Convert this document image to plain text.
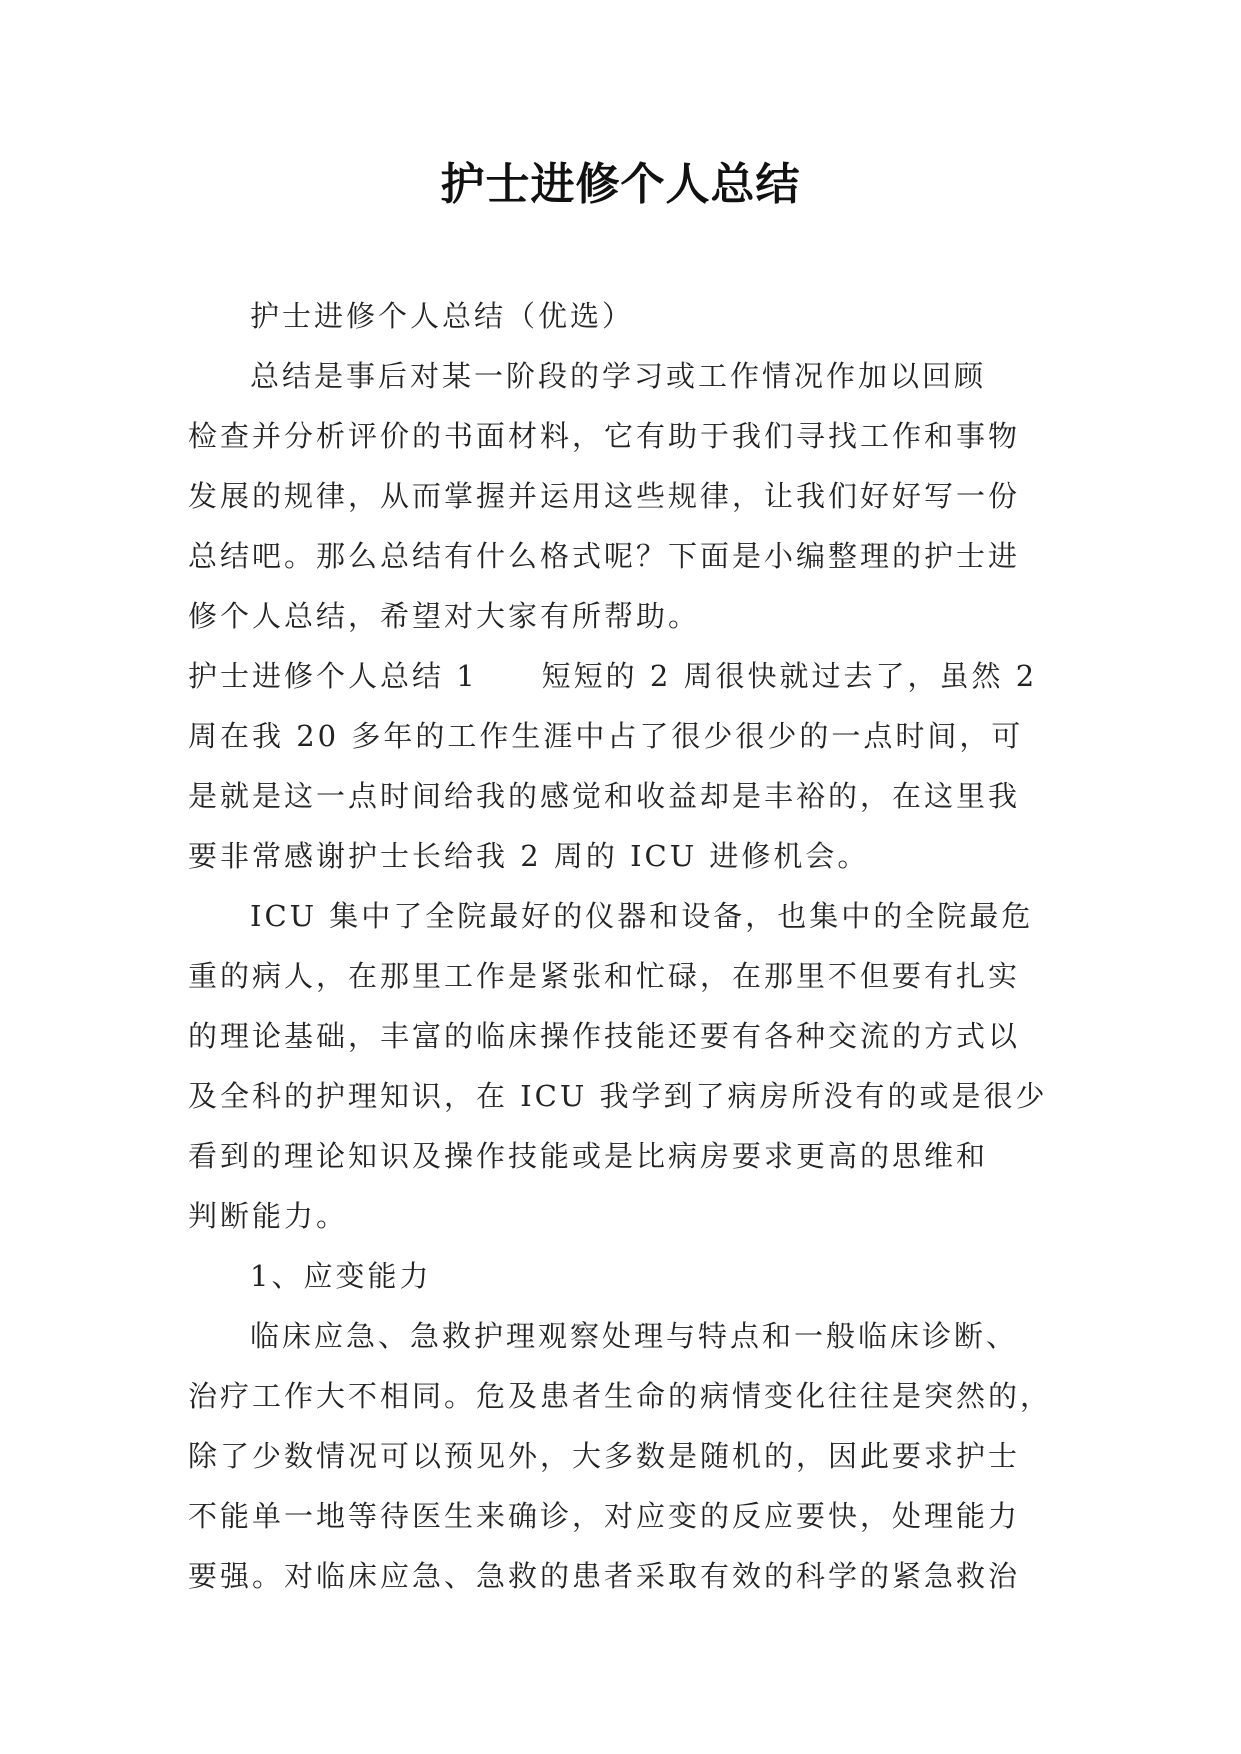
护士进修个人总结
护士进修个人总结（优选）
总结是事后对某一阶段的学习或工作情况作加以回顾
检查并分析评价的书面材料，它有助于我们寻找工作和事物
发展的规律，从而掌握并运用这些规律，让我们好好写一份
总结吧。那么总结有什么格式呢？下面是小编整理的护士进
修个人总结，希望对大家有所帮助。
护士进修个人总结 1　　短短的 2 周很快就过去了，虽然 2
周在我 20 多年的工作生涯中占了很少很少的一点时间，可
是就是这一点时间给我的感觉和收益却是丰裕的，在这里我
要非常感谢护士长给我 2 周的 ICU 进修机会。
ICU 集中了全院最好的仪器和设备，也集中的全院最危
重的病人，在那里工作是紧张和忙碌，在那里不但要有扎实
的理论基础，丰富的临床操作技能还要有各种交流的方式以
及全科的护理知识，在 ICU 我学到了病房所没有的或是很少
看到的理论知识及操作技能或是比病房要求更高的思维和
判断能力。
1、应变能力
临床应急、急救护理观察处理与特点和一般临床诊断、
治疗工作大不相同。危及患者生命的病情变化往往是突然的，
除了少数情况可以预见外，大多数是随机的，因此要求护士
不能单一地等待医生来确诊，对应变的反应要快，处理能力
要强。对临床应急、急救的患者采取有效的科学的紧急救治
